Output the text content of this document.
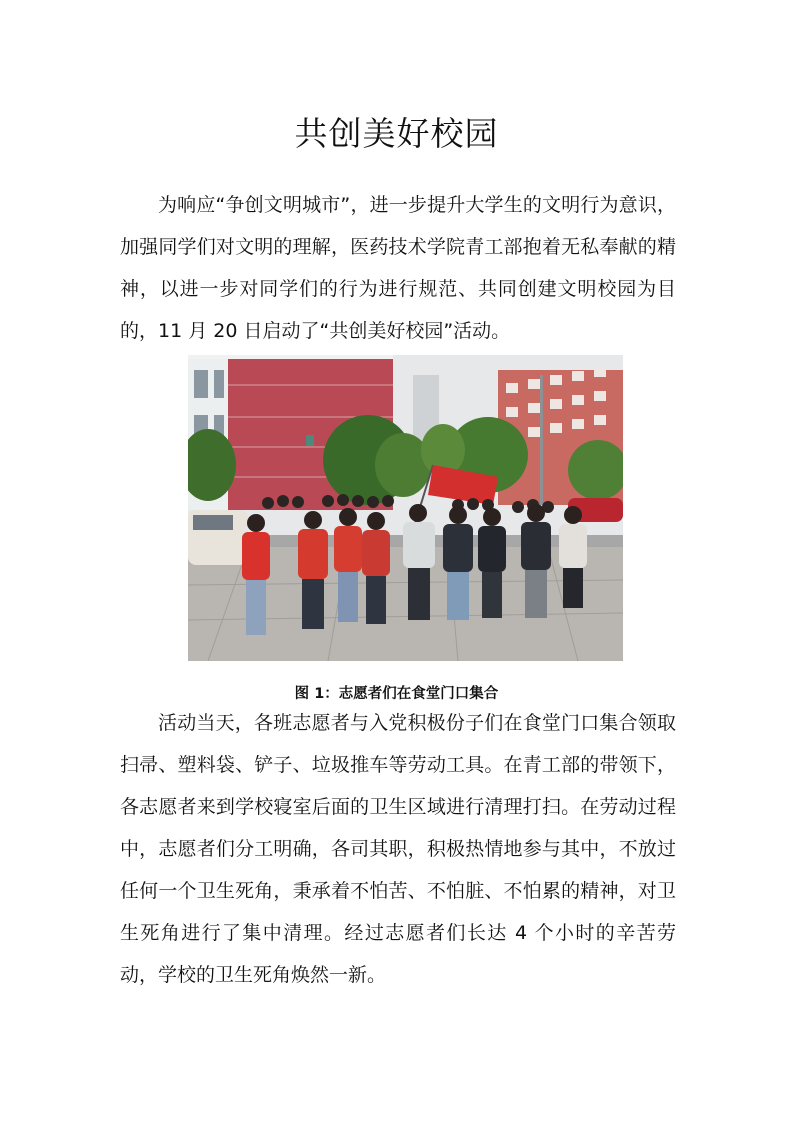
共创美好校园

为响应“争创文明城市”，进一步提升大学生的文明行为意识，加强同学们对文明的理解，医药技术学院青工部抱着无私奉献的精神，以进一步对同学们的行为进行规范、共同创建文明校园为目的，11 月 20 日启动了“共创美好校园”活动。

图 1：志愿者们在食堂门口集合

活动当天，各班志愿者与入党积极份子们在食堂门口集合领取扫帚、塑料袋、铲子、垃圾推车等劳动工具。在青工部的带领下，各志愿者来到学校寝室后面的卫生区域进行清理打扫。在劳动过程中，志愿者们分工明确，各司其职，积极热情地参与其中，不放过任何一个卫生死角，秉承着不怕苦、不怕脏、不怕累的精神，对卫生死角进行了集中清理。经过志愿者们长达 4 个小时的辛苦劳动，学校的卫生死角焕然一新。
